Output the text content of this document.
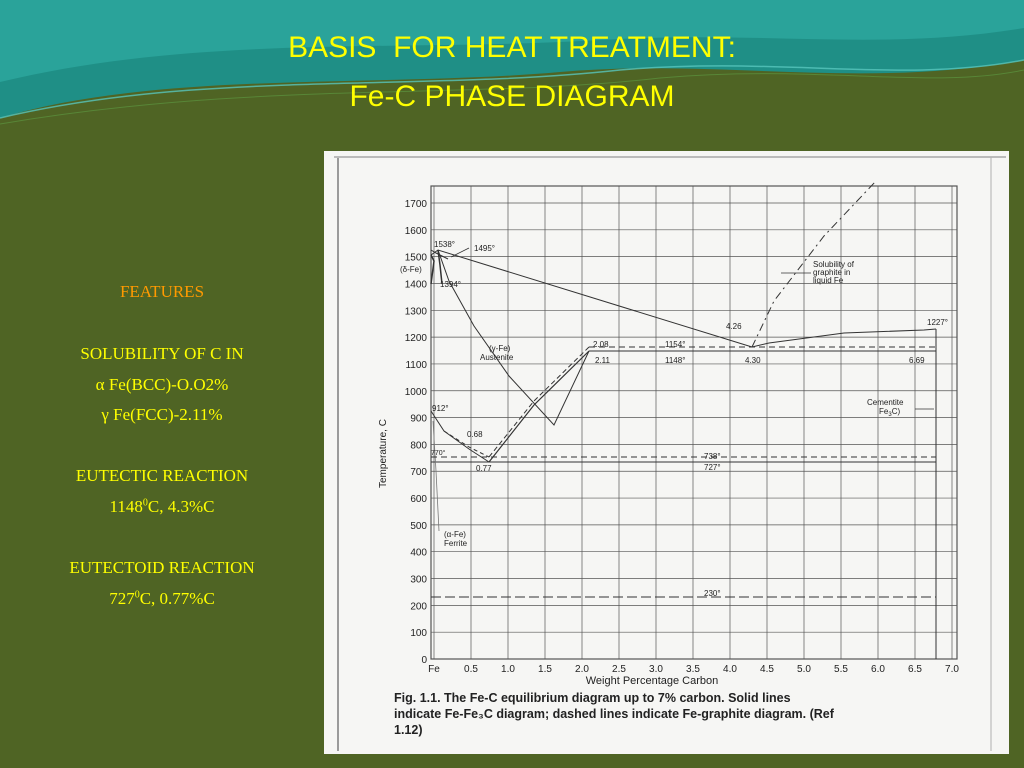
BASIS  FOR HEAT TREATMENT:
Fe-C PHASE DIAGRAM
FEATURES
SOLUBILITY OF C IN
α Fe(BCC)-O.O2%
γ Fe(FCC)-2.11%
EUTECTIC REACTION
1148$^0$C, 4.3%C
EUTECTOID REACTION
$727^0C$, 0.77%C
0
100
200
300
400
500
600
700
800
900
1000
1100
1200
1300
1400
1500
1600
1700
Fe 0.5 1.0 1.5 2.0 2.5 3.0 3.5 4.0 4.5 5.0 5.5 6.0 6.5 7.0
Temperature, C
Weight Percentage Carbon
1538° 1495°
(δ-Fe)
1394°
(γ-Fe)
Austenite
2.08
2.11
1154°
1148°
4.26
4.30
1227°
6.69
Solubility of
graphite in
liquid Fe
Cementite
$Fe_3C$)
912°
0.68
770°
0.77
738°
727°
(α-Fe)
Ferrite
230°
Fig. 1.1. The Fe-C equilibrium diagram up to 7% carbon. Solid lines
indicate Fe-Fe₃C diagram; dashed lines indicate Fe-graphite diagram. (Ref
1.12)
